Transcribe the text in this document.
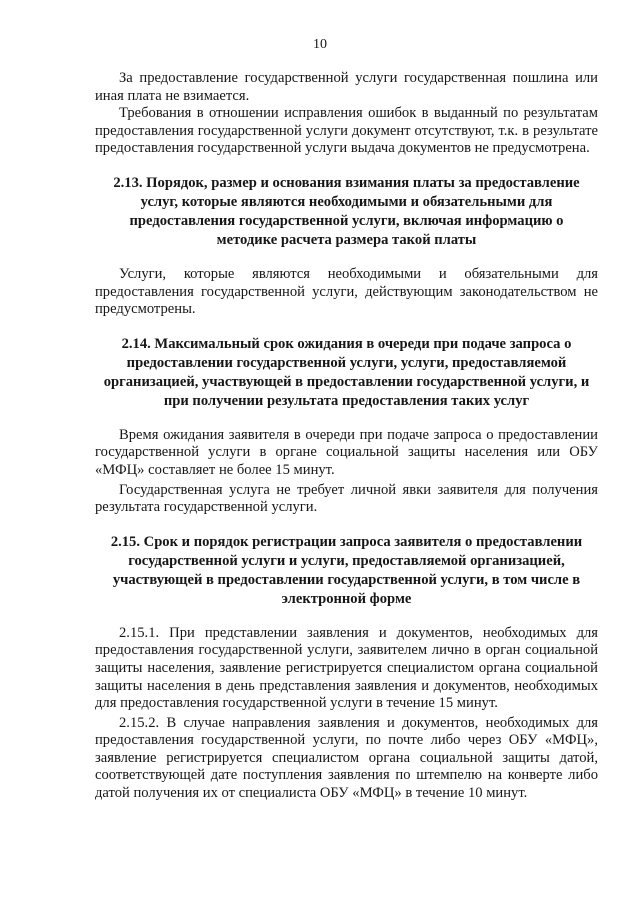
10

За предоставление государственной услуги государственная пошлина или иная плата не взимается.

Требования в отношении исправления ошибок в выданный по результатам предоставления государственной услуги документ отсутствуют, т.к. в результате предоставления государственной услуги выдача документов не предусмотрена.

2.13. Порядок, размер и основания взимания платы за предоставление услуг, которые являются необходимыми и обязательными для предоставления государственной услуги, включая информацию о методике расчета размера такой платы

Услуги, которые являются необходимыми и обязательными для предоставления государственной услуги, действующим законодательством не предусмотрены.

2.14. Максимальный срок ожидания в очереди при подаче запроса о предоставлении государственной услуги, услуги, предоставляемой организацией, участвующей в предоставлении государственной услуги, и при получении результата предоставления таких услуг

Время ожидания заявителя в очереди при подаче запроса о предоставлении государственной услуги в органе социальной защиты населения или ОБУ «МФЦ» составляет не более 15 минут.

Государственная услуга не требует личной явки заявителя для получения результата государственной услуги.

2.15. Срок и порядок регистрации запроса заявителя о предоставлении государственной услуги и услуги, предоставляемой организацией, участвующей в предоставлении государственной услуги, в том числе в электронной форме

2.15.1. При представлении заявления и документов, необходимых для предоставления государственной услуги, заявителем лично в орган социальной защиты населения, заявление регистрируется специалистом органа социальной защиты населения в день представления заявления и документов, необходимых для предоставления государственной услуги в течение 15 минут.

2.15.2. В случае направления заявления и документов, необходимых для предоставления государственной услуги, по почте либо через ОБУ «МФЦ», заявление регистрируется специалистом органа социальной защиты датой, соответствующей дате поступления заявления по штемпелю на конверте либо датой получения их от специалиста ОБУ «МФЦ» в течение 10 минут.
